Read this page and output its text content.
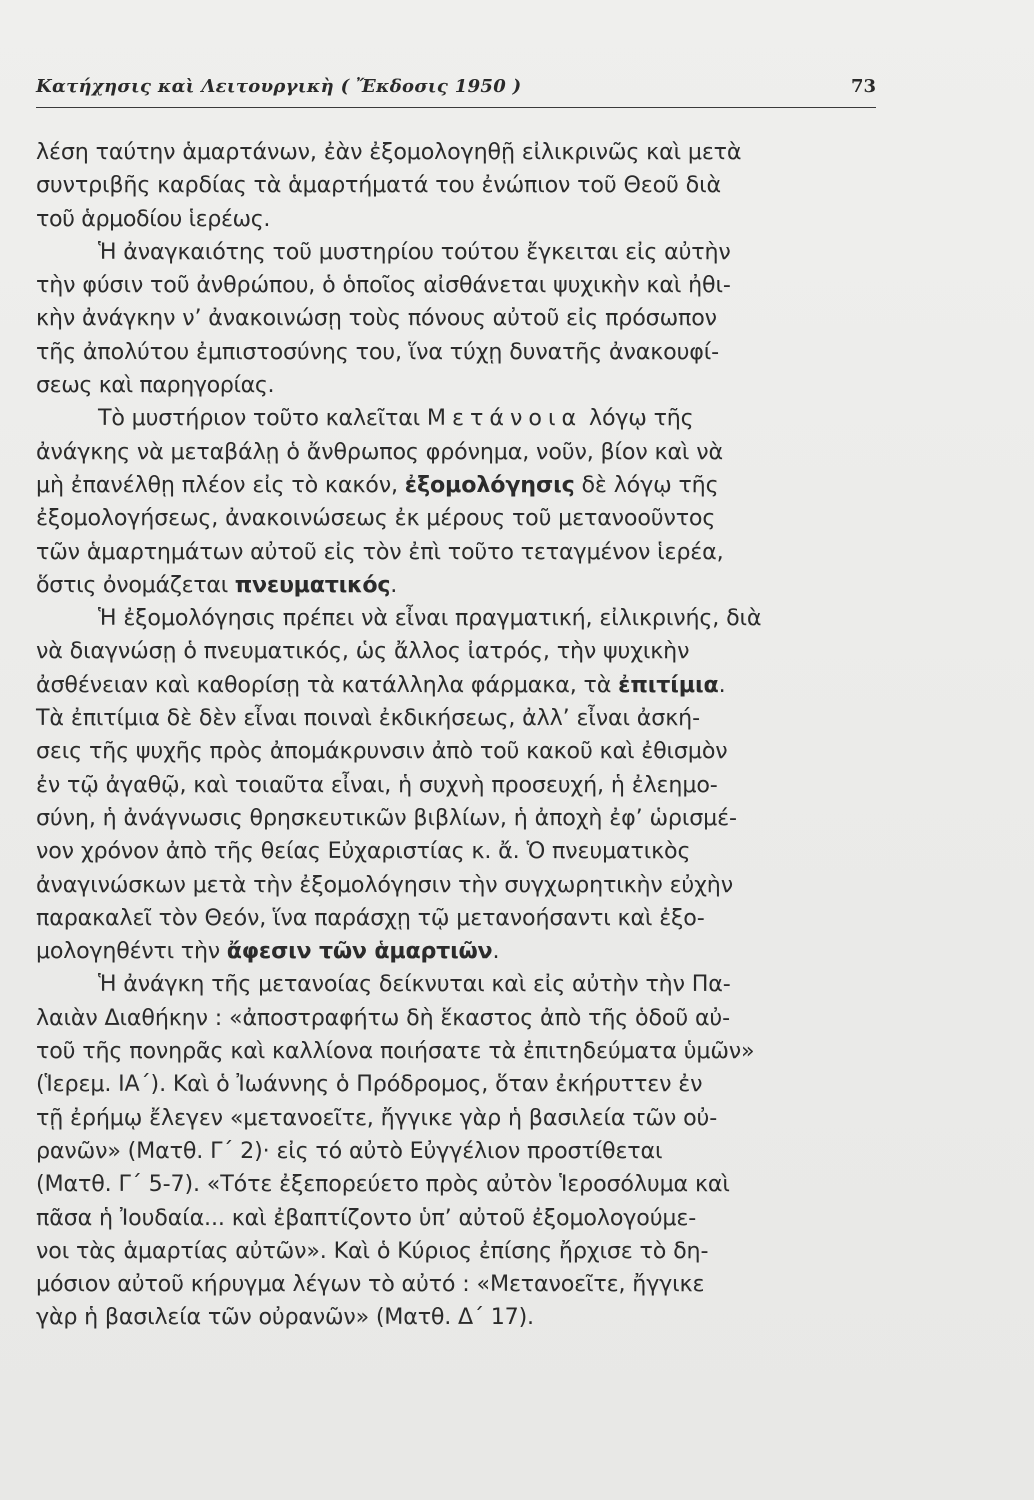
Κατήχησις καὶ Λειτουργικὴ ( Ἔκδοσις 1950 )	73
λέση ταύτην ἁμαρτάνων, ἐὰν ἐξομολογηθῇ εἰλικρινῶς καὶ μετὰ
συντριβῆς καρδίας τὰ ἁμαρτήματά του ἐνώπιον τοῦ Θεοῦ διὰ
τοῦ ἁρμοδίου ἱερέως.
Ἡ ἀναγκαιότης τοῦ μυστηρίου τούτου ἔγκειται εἰς αὐτὴν
τὴν φύσιν τοῦ ἀνθρώπου, ὁ ὁποῖος αἰσθάνεται ψυχικὴν καὶ ἠθι-
κὴν ἀνάγκην ν’ ἀνακοινώσῃ τοὺς πόνους αὐτοῦ εἰς πρόσωπον
τῆς ἀπολύτου ἐμπιστοσύνης του, ἵνα τύχῃ δυνατῆς ἀνακουφί-
σεως καὶ παρηγορίας.
Τὸ μυστήριον τοῦτο καλεῖται Μετάνοια λόγῳ τῆς
ἀνάγκης νὰ μεταβάλῃ ὁ ἄνθρωπος φρόνημα, νοῦν, βίον καὶ νὰ
μὴ ἐπανέλθῃ πλέον εἰς τὸ κακόν, ἐξομολόγησις δὲ λόγῳ τῆς
ἐξομολογήσεως, ἀνακοινώσεως ἐκ μέρους τοῦ μετανοοῦντος
τῶν ἁμαρτημάτων αὐτοῦ εἰς τὸν ἐπὶ τοῦτο τεταγμένον ἱερέα,
ὅστις ὀνομάζεται πνευματικός.
Ἡ ἐξομολόγησις πρέπει νὰ εἶναι πραγματική, εἰλικρινής, διὰ
νὰ διαγνώσῃ ὁ πνευματικός, ὡς ἄλλος ἰατρός, τὴν ψυχικὴν
ἀσθένειαν καὶ καθορίσῃ τὰ κατάλληλα φάρμακα, τὰ ἐπιτίμια.
Τὰ ἐπιτίμια δὲ δὲν εἶναι ποιναὶ ἐκδικήσεως, ἀλλ’ εἶναι ἀσκή-
σεις τῆς ψυχῆς πρὸς ἀπομάκρυνσιν ἀπὸ τοῦ κακοῦ καὶ ἐθισμὸν
ἐν τῷ ἀγαθῷ, καὶ τοιαῦτα εἶναι, ἡ συχνὴ προσευχή, ἡ ἐλεημο-
σύνη, ἡ ἀνάγνωσις θρησκευτικῶν βιβλίων, ἡ ἀποχὴ ἐφ’ ὡρισμέ-
νον χρόνον ἀπὸ τῆς θείας Εὐχαριστίας κ. ἄ. Ὁ πνευματικὸς
ἀναγινώσκων μετὰ τὴν ἐξομολόγησιν τὴν συγχωρητικὴν εὐχὴν
παρακαλεῖ τὸν Θεόν, ἵνα παράσχῃ τῷ μετανοήσαντι καὶ ἐξο-
μολογηθέντι τὴν ἄφεσιν τῶν ἁμαρτιῶν.
Ἡ ἀνάγκη τῆς μετανοίας δείκνυται καὶ εἰς αὐτὴν τὴν Πα-
λαιὰν Διαθήκην : «ἀποστραφήτω δὴ ἕκαστος ἀπὸ τῆς ὁδοῦ αὐ-
τοῦ τῆς πονηρᾶς καὶ καλλίονα ποιήσατε τὰ ἐπιτηδεύματα ὑμῶν»
(Ἱερεμ. ΙΑ΄). Καὶ ὁ Ἰωάννης ὁ Πρόδρομος, ὅταν ἐκήρυττεν ἐν
τῇ ἐρήμῳ ἔλεγεν «μετανοεῖτε, ἤγγικε γὰρ ἡ βασιλεία τῶν οὐ-
ρανῶν» (Ματθ. Γ΄ 2)· εἰς τό αὐτὸ Εὐγγέλιον προστίθεται
(Ματθ. Γ΄ 5-7). «Τότε ἐξεπορεύετο πρὸς αὐτὸν Ἱεροσόλυμα καὶ
πᾶσα ἡ Ἰουδαία... καὶ ἐβαπτίζοντο ὑπ’ αὐτοῦ ἐξομολογούμε-
νοι τὰς ἁμαρτίας αὐτῶν». Καὶ ὁ Κύριος ἐπίσης ἤρχισε τὸ δη-
μόσιον αὐτοῦ κήρυγμα λέγων τὸ αὐτό : «Μετανοεῖτε, ἤγγικε
γὰρ ἡ βασιλεία τῶν οὐρανῶν» (Ματθ. Δ΄ 17).
